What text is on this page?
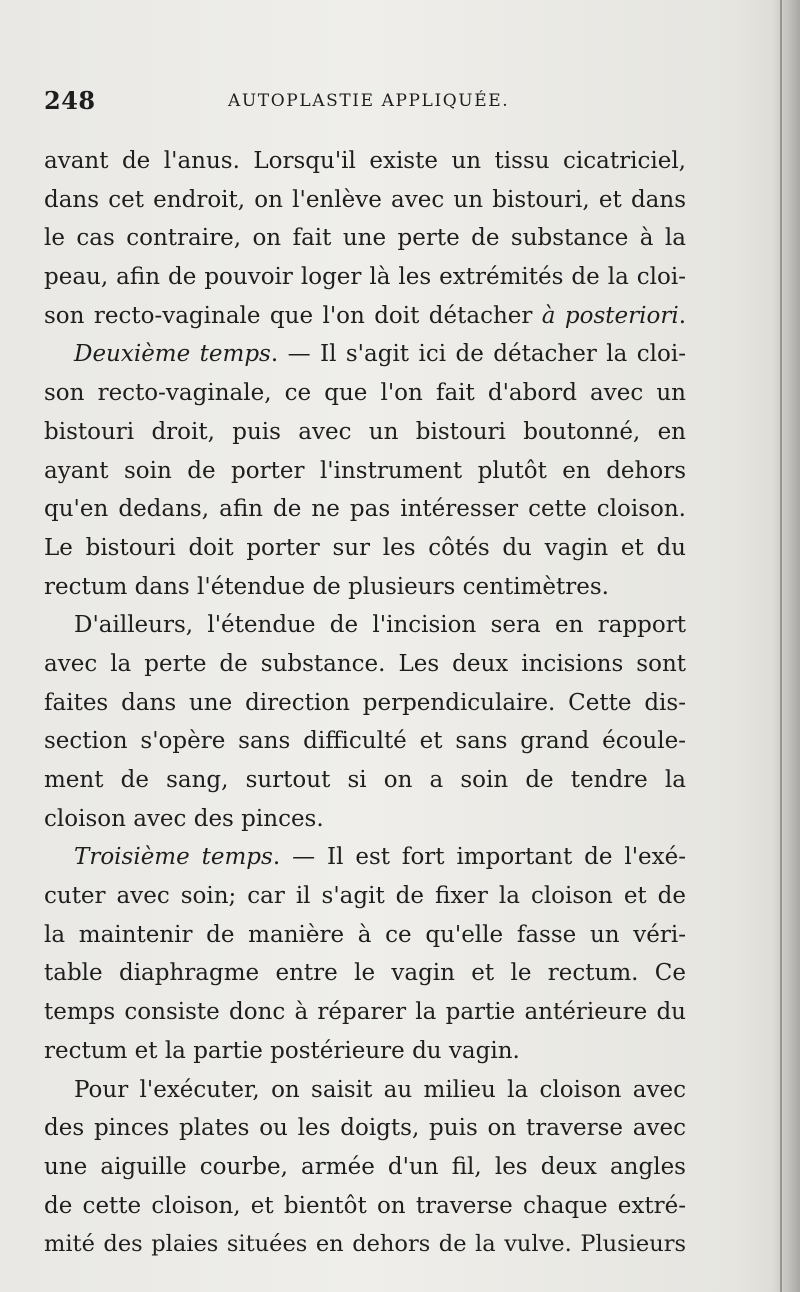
248	AUTOPLASTIE APPLIQUÉE.
avant de l'anus. Lorsqu'il existe un tissu cicatriciel,
dans cet endroit, on l'enlève avec un bistouri, et dans
le cas contraire, on fait une perte de substance à la
peau, afin de pouvoir loger là les extrémités de la cloi-
son recto-vaginale que l'on doit détacher à posteriori.
Deuxième temps. — Il s'agit ici de détacher la cloi-
son recto-vaginale, ce que l'on fait d'abord avec un
bistouri droit, puis avec un bistouri boutonné, en
ayant soin de porter l'instrument plutôt en dehors
qu'en dedans, afin de ne pas intéresser cette cloison.
Le bistouri doit porter sur les côtés du vagin et du
rectum dans l'étendue de plusieurs centimètres.
D'ailleurs, l'étendue de l'incision sera en rapport
avec la perte de substance. Les deux incisions sont
faites dans une direction perpendiculaire. Cette dis-
section s'opère sans difficulté et sans grand écoule-
ment de sang, surtout si on a soin de tendre la
cloison avec des pinces.
Troisième temps. — Il est fort important de l'exé-
cuter avec soin; car il s'agit de fixer la cloison et de
la maintenir de manière à ce qu'elle fasse un véri-
table diaphragme entre le vagin et le rectum. Ce
temps consiste donc à réparer la partie antérieure du
rectum et la partie postérieure du vagin.
Pour l'exécuter, on saisit au milieu la cloison avec
des pinces plates ou les doigts, puis on traverse avec
une aiguille courbe, armée d'un fil, les deux angles
de cette cloison, et bientôt on traverse chaque extré-
mité des plaies situées en dehors de la vulve. Plusieurs
